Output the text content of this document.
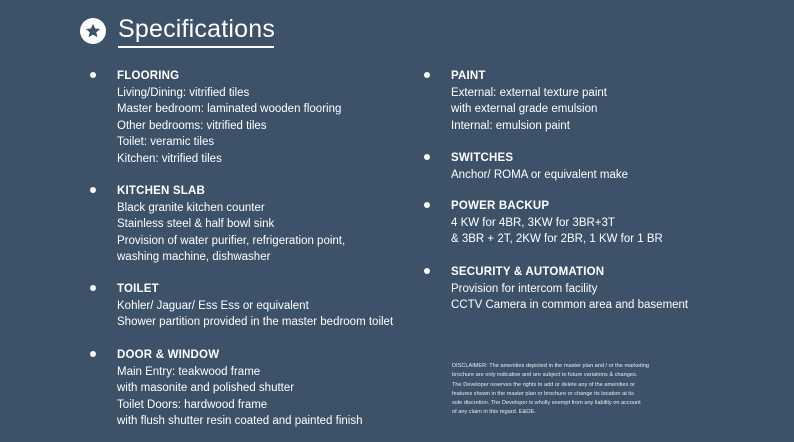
Specifications
FLOORING
Living/Dining: vitrified tiles
Master bedroom: laminated wooden flooring
Other bedrooms: vitrified tiles
Toilet: veramic tiles
Kitchen: vitrified tiles
KITCHEN SLAB
Black granite kitchen counter
Stainless steel & half bowl sink
Provision of water purifier, refrigeration point,
washing machine, dishwasher
TOILET
Kohler/ Jaguar/ Ess Ess or equivalent
Shower partition provided in the master bedroom toilet
DOOR & WINDOW
Main Entry: teakwood frame
with masonite and polished shutter
Toilet Doors: hardwood frame
with flush shutter resin coated and painted finish
PAINT
External: external texture paint
with external grade emulsion
Internal: emulsion paint
SWITCHES
Anchor/ ROMA or equivalent make
POWER BACKUP
4 KW for 4BR, 3KW for 3BR+3T
& 3BR + 2T, 2KW for 2BR, 1 KW for 1 BR
SECURITY & AUTOMATION
Provision for intercom facility
CCTV Camera in common area and basement
DISCLAIMER: The amenities depicted in the master plan and / or the marketing
brochure are only indicative and are subject to future variations & changes.
The Developer reserves the rights to add or delete any of the amenities or
features shown in the master plan or brochure or change its location at its
sole discretion. The Developer is wholly exempt from any liability on account
of any claim in this regard. E&OE.
